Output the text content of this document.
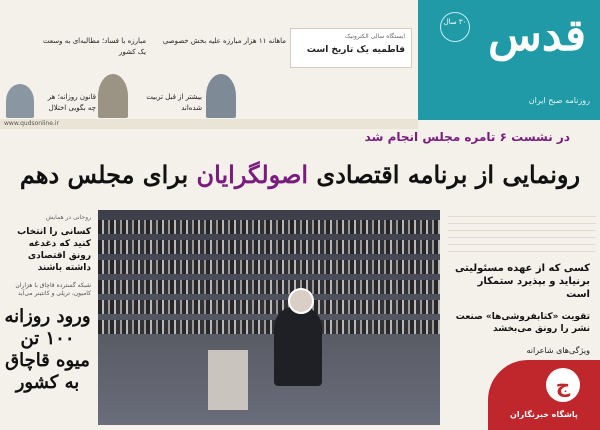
قدس
۳۰ سال
روزنامه صبح ایران
ایستگاه سالی الکترونیک
فاطمیه یک تاریخ است
مبارزه با فساد؛ مطالبه‌ای به وسعت یک کشور
ماهانه ۱۱ هزار مبارزه علیه بخش خصوصی
بیشتر از قبل تربیت شده‌اند
قانون روزانه؛ هر چه بگویی اختلال
www.qudsonline.ir
در نشست ۶ تامره مجلس انجام شد
رونمایی از برنامه اقتصادی اصولگرایان برای مجلس دهم
روحانی در همایش
کسانی را انتخاب کنید که دغدغه رونق اقتصادی داشته باشند
شبکه گسترده قاچاق با هزاران کامیون، تریلی و کانتینر می‌آید
ورود روزانه
۱۰۰ تن
میوه قاچاق
به کشور
کسی که از عهده مسئولیتی برنیاید و بپذیرد ستمکار است
تقویت «کتابفروشی‌ها» صنعت نشر را رونق می‌بخشد
ویژگی‌های شاعرانه
ج
پاشگاه خبرنگاران
